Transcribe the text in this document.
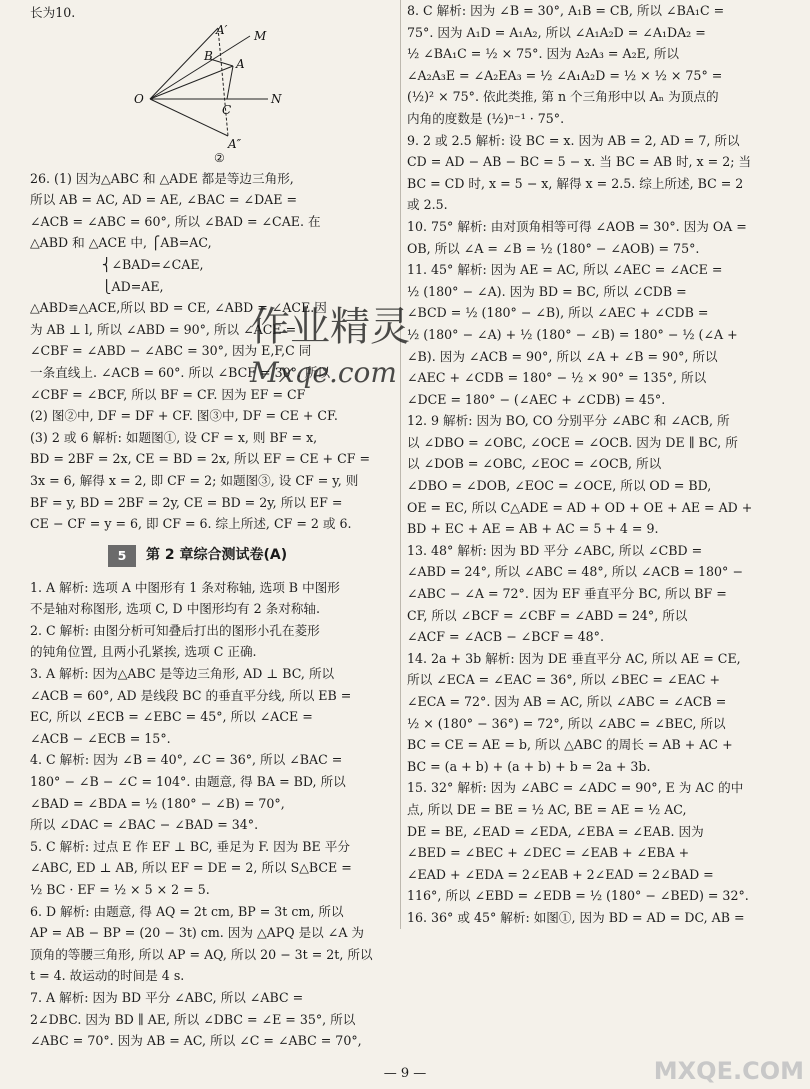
长为10.
A′ M
B
A
O
C
N
A″
②
26. (1) 因为△ABC 和 △ADE 都是等边三角形,
所以 AB = AC, AD = AE, ∠BAC = ∠DAE =
∠ACB = ∠ABC = 60°, 所以 ∠BAD = ∠CAE. 在
△ABD 和 △ACE 中, ⎧AB=AC,
⎨∠BAD=∠CAE,
⎩AD=AE,
△ABD≌△ACE,所以 BD = CE, ∠ABD = ∠ACE.因
为 AB ⊥ l, 所以 ∠ABD = 90°, 所以 ∠ACE =
∠CBF = ∠ABD − ∠ABC = 30°, 因为 E,F,C 同
一条直线上. ∠ACB = 60°. 所以 ∠BCF = 30°. 所以
∠CBF = ∠BCF, 所以 BF = CF. 因为 EF = CF
(2) 图②中, DF = DF + CF. 图③中, DF = CE + CF.
(3) 2 或 6 解析: 如题图①, 设 CF = x, 则 BF = x,
BD = 2BF = 2x, CE = BD = 2x, 所以 EF = CE + CF =
3x = 6, 解得 x = 2, 即 CF = 2; 如题图③, 设 CF = y, 则
BF = y, BD = 2BF = 2y, CE = BD = 2y, 所以 EF =
CE − CF = y = 6, 即 CF = 6. 综上所述, CF = 2 或 6.
5	第 2 章综合测试卷(A)
1. A 解析: 选项 A 中图形有 1 条对称轴, 选项 B 中图形
不是轴对称图形, 选项 C, D 中图形均有 2 条对称轴.
2. C 解析: 由图分析可知叠后打出的图形小孔在菱形
的钝角位置, 且两小孔紧挨, 选项 C 正确.
3. A 解析: 因为△ABC 是等边三角形, AD ⊥ BC, 所以
∠ACB = 60°, AD 是线段 BC 的垂直平分线, 所以 EB =
EC, 所以 ∠ECB = ∠EBC = 45°, 所以 ∠ACE =
∠ACB − ∠ECB = 15°.
4. C 解析: 因为 ∠B = 40°, ∠C = 36°, 所以 ∠BAC =
180° − ∠B − ∠C = 104°. 由题意, 得 BA = BD, 所以
∠BAD = ∠BDA = ½ (180° − ∠B) = 70°,
所以 ∠DAC = ∠BAC − ∠BAD = 34°.
5. C 解析: 过点 E 作 EF ⊥ BC, 垂足为 F. 因为 BE 平分
∠ABC, ED ⊥ AB, 所以 EF = DE = 2, 所以 S△BCE =
½ BC · EF = ½ × 5 × 2 = 5.
6. D 解析: 由题意, 得 AQ = 2t cm, BP = 3t cm, 所以
AP = AB − BP = (20 − 3t) cm. 因为 △APQ 是以 ∠A 为
顶角的等腰三角形, 所以 AP = AQ, 所以 20 − 3t = 2t, 所以
t = 4. 故运动的时间是 4 s.
7. A 解析: 因为 BD 平分 ∠ABC, 所以 ∠ABC =
2∠DBC. 因为 BD ∥ AE, 所以 ∠DBC = ∠E = 35°, 所以
∠ABC = 70°. 因为 AB = AC, 所以 ∠C = ∠ABC = 70°,
8. C 解析: 因为 ∠B = 30°, A₁B = CB, 所以 ∠BA₁C =
75°. 因为 A₁D = A₁A₂, 所以 ∠A₁A₂D = ∠A₁DA₂ =
½ ∠BA₁C = ½ × 75°. 因为 A₂A₃ = A₂E, 所以
∠A₂A₃E = ∠A₂EA₃ = ½ ∠A₁A₂D = ½ × ½ × 75° =
(½)² × 75°. 依此类推, 第 n 个三角形中以 Aₙ 为顶点的
内角的度数是 (½)ⁿ⁻¹ · 75°.
9. 2 或 2.5 解析: 设 BC = x. 因为 AB = 2, AD = 7, 所以
CD = AD − AB − BC = 5 − x. 当 BC = AB 时, x = 2; 当
BC = CD 时, x = 5 − x, 解得 x = 2.5. 综上所述, BC = 2
或 2.5.
10. 75° 解析: 由对顶角相等可得 ∠AOB = 30°. 因为 OA =
OB, 所以 ∠A = ∠B = ½ (180° − ∠AOB) = 75°.
11. 45° 解析: 因为 AE = AC, 所以 ∠AEC = ∠ACE =
½ (180° − ∠A). 因为 BD = BC, 所以 ∠CDB =
∠BCD = ½ (180° − ∠B), 所以 ∠AEC + ∠CDB =
½ (180° − ∠A) + ½ (180° − ∠B) = 180° − ½ (∠A +
∠B). 因为 ∠ACB = 90°, 所以 ∠A + ∠B = 90°, 所以
∠AEC + ∠CDB = 180° − ½ × 90° = 135°, 所以
∠DCE = 180° − (∠AEC + ∠CDB) = 45°.
12. 9 解析: 因为 BO, CO 分别平分 ∠ABC 和 ∠ACB, 所
以 ∠DBO = ∠OBC, ∠OCE = ∠OCB. 因为 DE ∥ BC, 所
以 ∠DOB = ∠OBC, ∠EOC = ∠OCB, 所以
∠DBO = ∠DOB, ∠EOC = ∠OCE, 所以 OD = BD,
OE = EC, 所以 C△ADE = AD + OD + OE + AE = AD +
BD + EC + AE = AB + AC = 5 + 4 = 9.
13. 48° 解析: 因为 BD 平分 ∠ABC, 所以 ∠CBD =
∠ABD = 24°, 所以 ∠ABC = 48°, 所以 ∠ACB = 180° −
∠ABC − ∠A = 72°. 因为 EF 垂直平分 BC, 所以 BF =
CF, 所以 ∠BCF = ∠CBF = ∠ABD = 24°, 所以
∠ACF = ∠ACB − ∠BCF = 48°.
14. 2a + 3b 解析: 因为 DE 垂直平分 AC, 所以 AE = CE,
所以 ∠ECA = ∠EAC = 36°, 所以 ∠BEC = ∠EAC +
∠ECA = 72°. 因为 AB = AC, 所以 ∠ABC = ∠ACB =
½ × (180° − 36°) = 72°, 所以 ∠ABC = ∠BEC, 所以
BC = CE = AE = b, 所以 △ABC 的周长 = AB + AC +
BC = (a + b) + (a + b) + b = 2a + 3b.
15. 32° 解析: 因为 ∠ABC = ∠ADC = 90°, E 为 AC 的中
点, 所以 DE = BE = ½ AC, BE = AE = ½ AC,
DE = BE, ∠EAD = ∠EDA, ∠EBA = ∠EAB. 因为
∠BED = ∠BEC + ∠DEC = ∠EAB + ∠EBA +
∠EAD + ∠EDA = 2∠EAB + 2∠EAD = 2∠BAD =
116°, 所以 ∠EBD = ∠EDB = ½ (180° − ∠BED) = 32°.
16. 36° 或 45° 解析: 如图①, 因为 BD = AD = DC, AB =
作业精灵
Mxqe.com
— 9 —	MXQE.COM
